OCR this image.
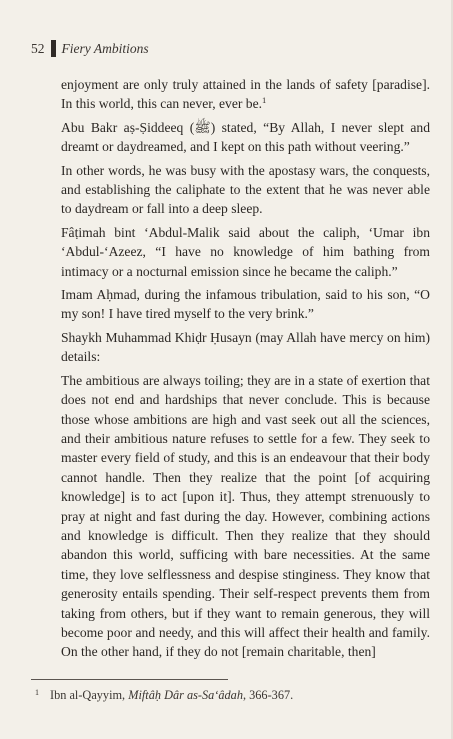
52 Fiery Ambitions

enjoyment are only truly attained in the lands of safety [paradise]. In this world, this can never, ever be.$^1$

Abu Bakr aṣ-Ṣiddeeq (ﷺ) stated, “By Allah, I never slept and dreamt or daydreamed, and I kept on this path without veering.”

In other words, he was busy with the apostasy wars, the conquests, and establishing the caliphate to the extent that he was never able to daydream or fall into a deep sleep.

Fâṭimah bint ‘Abdul-Malik said about the caliph, ‘Umar ibn ‘Abdul-‘Azeez, “I have no knowledge of him bathing from intimacy or a nocturnal emission since he became the caliph.”

Imam Aḥmad, during the infamous tribulation, said to his son, “O my son! I have tired myself to the very brink.”

Shaykh Muhammad Khiḍr Ḥusayn (may Allah have mercy on him) details:

The ambitious are always toiling; they are in a state of exertion that does not end and hardships that never conclude. This is because those whose ambitions are high and vast seek out all the sciences, and their ambitious nature refuses to settle for a few. They seek to master every field of study, and this is an endeavour that their body cannot handle. Then they realize that the point [of acquiring knowledge] is to act [upon it]. Thus, they attempt strenuously to pray at night and fast during the day. However, combining actions and knowledge is difficult. Then they realize that they should abandon this world, sufficing with bare necessities. At the same time, they love selflessness and despise stinginess. They know that generosity entails spending. Their self-respect prevents them from taking from others, but if they want to remain generous, they will become poor and needy, and this will affect their health and family. On the other hand, if they do not [remain charitable, then]

$^1$ Ibn al-Qayyim, Miftâḥ Dâr as-Sa‘âdah, 366-367.
